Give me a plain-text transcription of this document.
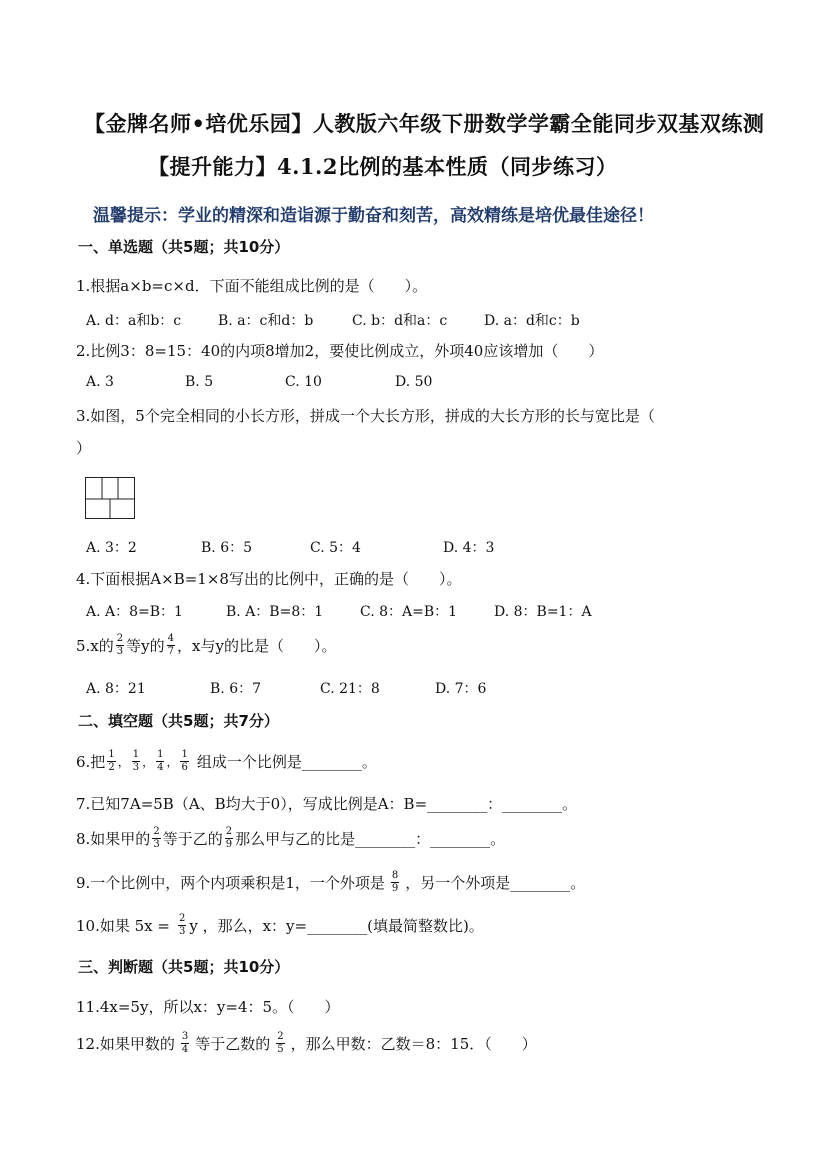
【金牌名师•培优乐园】人教版六年级下册数学学霸全能同步双基双练测
【提升能力】4.1.2比例的基本性质（同步练习）
温馨提示：学业的精深和造诣源于勤奋和刻苦，高效精练是培优最佳途径！
一、单选题（共5题；共10分）
1.根据a×b=c×d．下面不能组成比例的是（　　）。
A. d：a和b：c	B. a：c和d：b	C. b：d和a：c	D. a：d和c：b
2.比例3：8=15：40的内项8增加2，要使比例成立，外项40应该增加（　　）
A. 3	B. 5	C. 10	D. 50
3.如图，5个完全相同的小长方形，拼成一个大长方形，拼成的大长方形的长与宽比是（
）
A. 3：2	B. 6：5	C. 5：4	D. 4：3
4.下面根据A×B=1×8写出的比例中，正确的是（　　）。
A. A：8=B：1	B. A：B=8：1	C. 8：A=B：1	D. 8：B=1：A
5.x的 $\frac{2}{3}$ 等y的 $\frac{4}{7}$ ，x与y的比是（　　）。
A. 8：21	B. 6：7	C. 21：8	D. 7：6
二、填空题（共5题；共7分）
6.把 $\frac{1}{2}$ ， $\frac{1}{3}$ ， $\frac{1}{4}$ ， $\frac{1}{6}$ 组成一个比例是________。
7.已知7A=5B（A、B均大于0），写成比例是A：B=________：________。
8.如果甲的 $\frac{2}{3}$ 等于乙的 $\frac{2}{9}$ 那么甲与乙的比是________：________。
9.一个比例中，两个内项乘积是1，一个外项是 $\frac{8}{9}$ ，另一个外项是________。
10.如果 $5x = \frac{2}{3}$ y ，那么，x：y=________(填最简整数比)。
三、判断题（共5题；共10分）
11.4x=5y，所以x：y=4：5。（　　）
12.如果甲数的 $\frac{3}{4}$ 等于乙数的 $\frac{2}{5}$ ，那么甲数：乙数＝8：15．（　　）
